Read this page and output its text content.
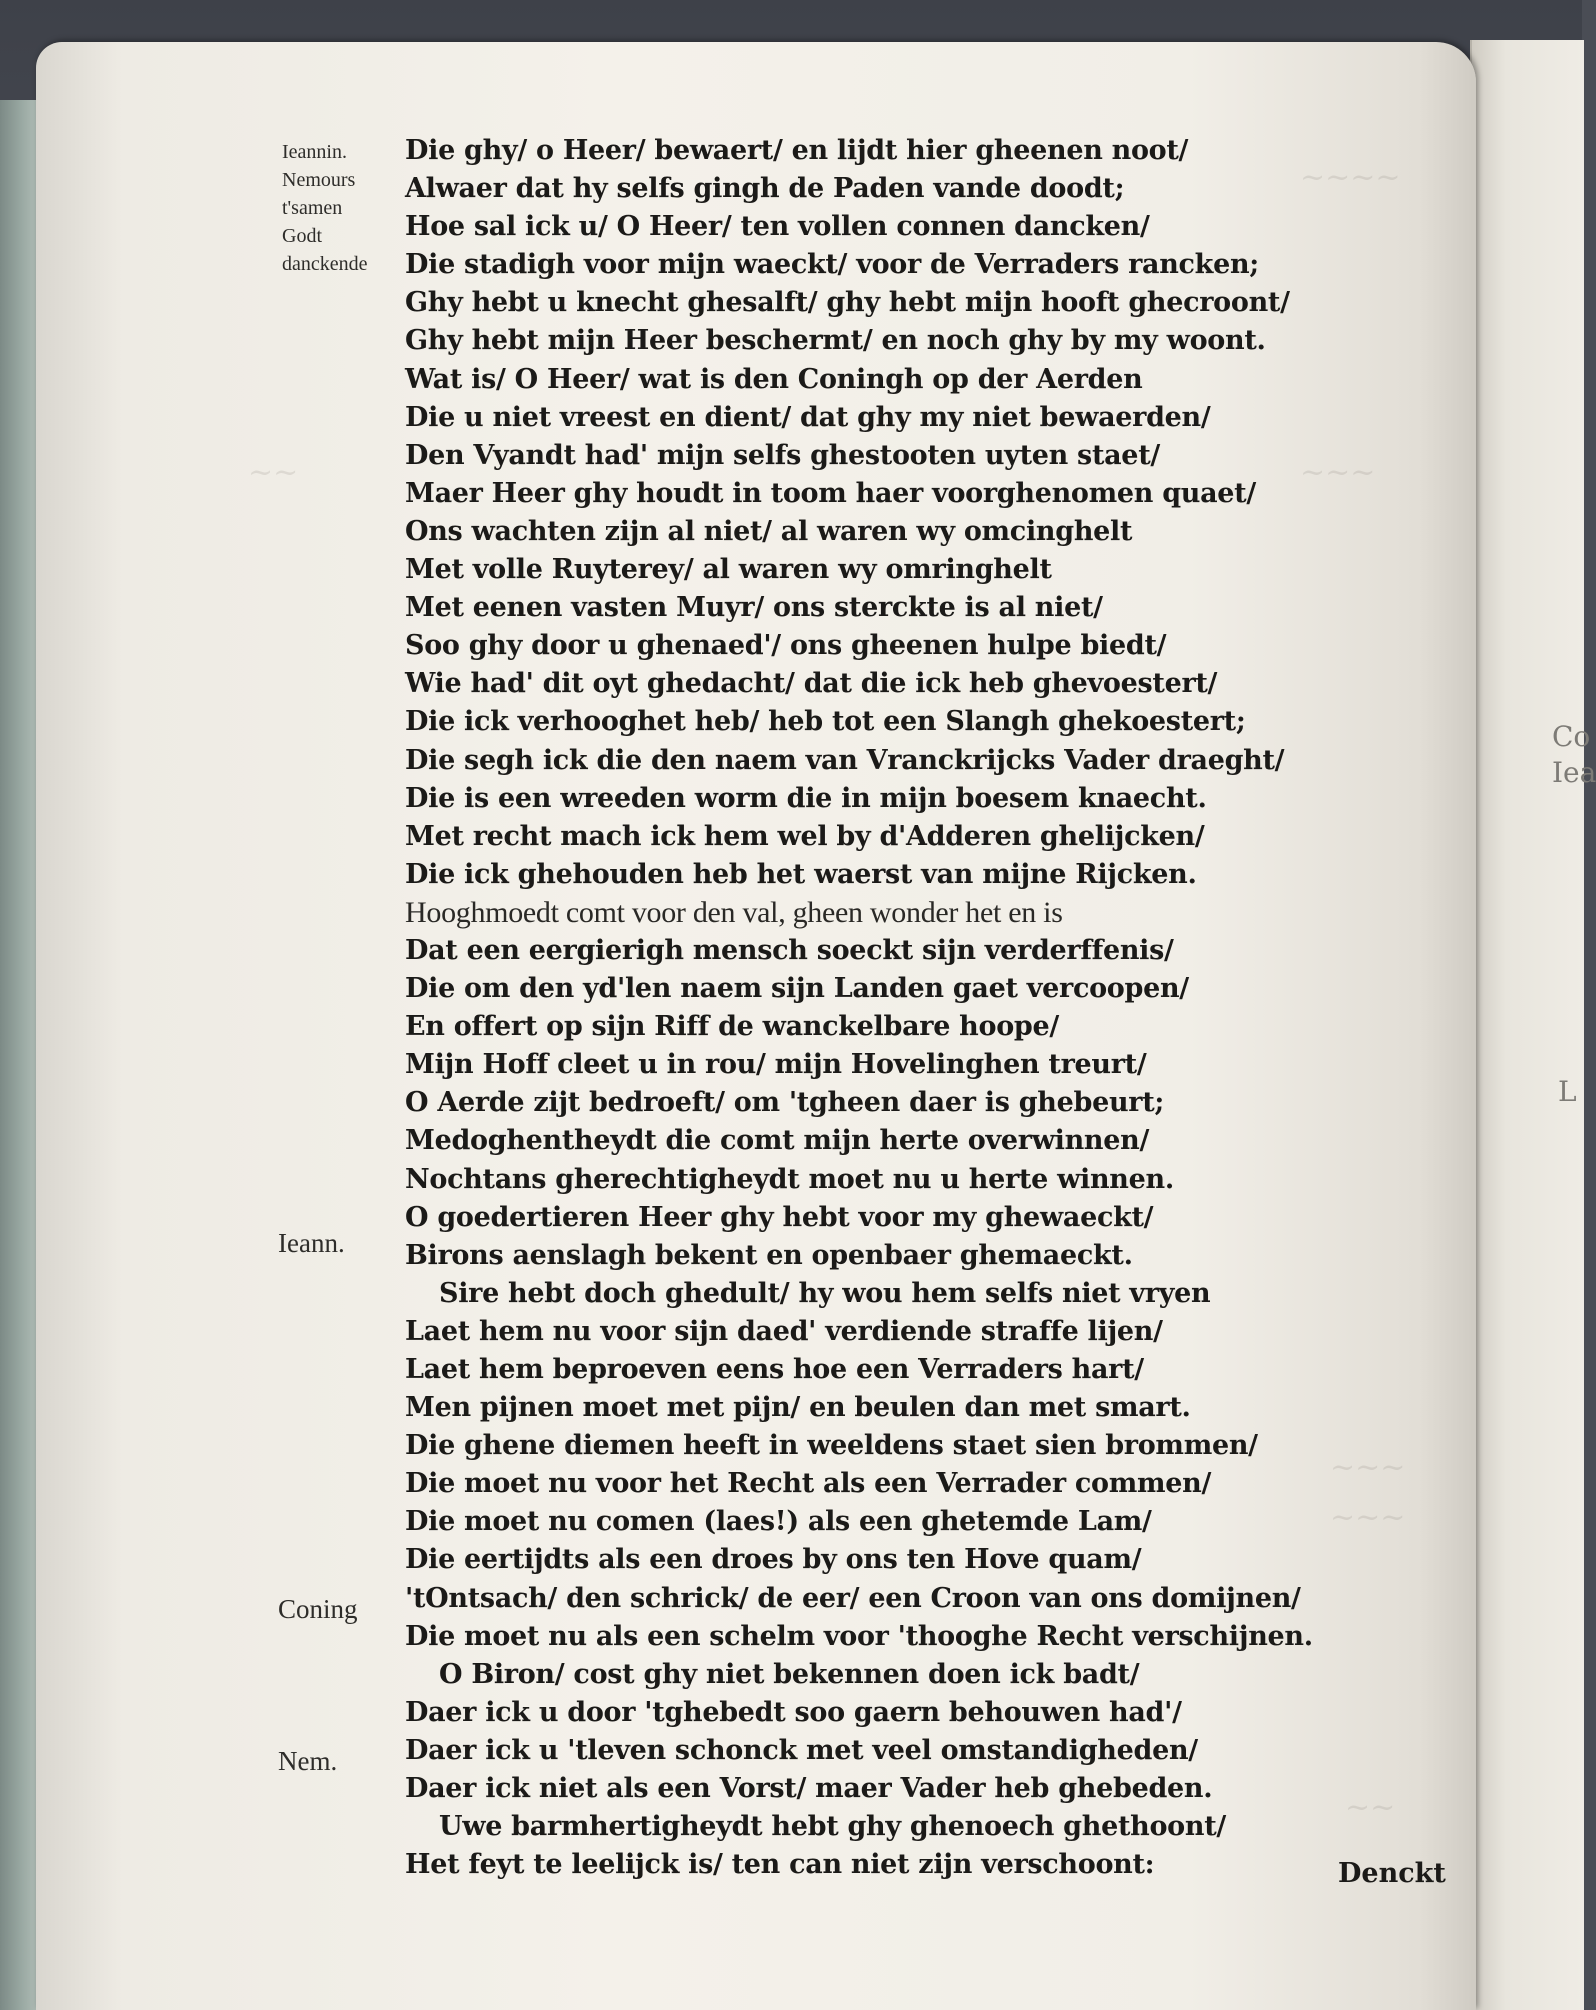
Co
Iea
L
~~~~
~~	~~~
~~~
~~~
~~
Ieannin.
Nemours
t'samen
Godt
danckende
Ieann.
Coning
Nem.
Die ghy/ o Heer/ bewaert/ en lijdt hier gheenen noot/
Alwaer dat hy selfs gingh de Paden vande doodt;
Hoe sal ick u/ O Heer/ ten vollen connen dancken/
Die stadigh voor mijn waeckt/ voor de Verraders rancken;
Ghy hebt u knecht ghesalft/ ghy hebt mijn hooft ghecroont/
Ghy hebt mijn Heer beschermt/ en noch ghy by my woont.
Wat is/ O Heer/ wat is den Coningh op der Aerden
Die u niet vreest en dient/ dat ghy my niet bewaerden/
Den Vyandt had' mijn selfs ghestooten uyten staet/
Maer Heer ghy houdt in toom haer voorghenomen quaet/
Ons wachten zijn al niet/ al waren wy omcinghelt
Met volle Ruyterey/ al waren wy omringhelt
Met eenen vasten Muyr/ ons sterckte is al niet/
Soo ghy door u ghenaed'/ ons gheenen hulpe biedt/
Wie had' dit oyt ghedacht/ dat die ick heb ghevoestert/
Die ick verhooghet heb/ heb tot een Slangh ghekoestert;
Die segh ick die den naem van Vranckrijcks Vader draeght/
Die is een wreeden worm die in mijn boesem knaecht.
Met recht mach ick hem wel by d'Adderen ghelijcken/
Die ick ghehouden heb het waerst van mijne Rijcken.
Hooghmoedt comt voor den val, gheen wonder het en is
Dat een eergierigh mensch soeckt sijn verderffenis/
Die om den yd'len naem sijn Landen gaet vercoopen/
En offert op sijn Riff de wanckelbare hoope/
Mijn Hoff cleet u in rou/ mijn Hovelinghen treurt/
O Aerde zijt bedroeft/ om 'tgheen daer is ghebeurt;
Medoghentheydt die comt mijn herte overwinnen/
Nochtans gherechtigheydt moet nu u herte winnen.
O goedertieren Heer ghy hebt voor my ghewaeckt/
Birons aenslagh bekent en openbaer ghemaeckt.
Sire hebt doch ghedult/ hy wou hem selfs niet vryen
Laet hem nu voor sijn daed' verdiende straffe lijen/
Laet hem beproeven eens hoe een Verraders hart/
Men pijnen moet met pijn/ en beulen dan met smart.
Die ghene diemen heeft in weeldens staet sien brommen/
Die moet nu voor het Recht als een Verrader commen/
Die moet nu comen (laes!) als een ghetemde Lam/
Die eertijdts als een droes by ons ten Hove quam/
'tOntsach/ den schrick/ de eer/ een Croon van ons domijnen/
Die moet nu als een schelm voor 'thooghe Recht verschijnen.
O Biron/ cost ghy niet bekennen doen ick badt/
Daer ick u door 'tghebedt soo gaern behouwen had'/
Daer ick u 'tleven schonck met veel omstandigheden/
Daer ick niet als een Vorst/ maer Vader heb ghebeden.
Uwe barmhertigheydt hebt ghy ghenoech ghethoont/
Het feyt te leelijck is/ ten can niet zijn verschoont:	Denckt
